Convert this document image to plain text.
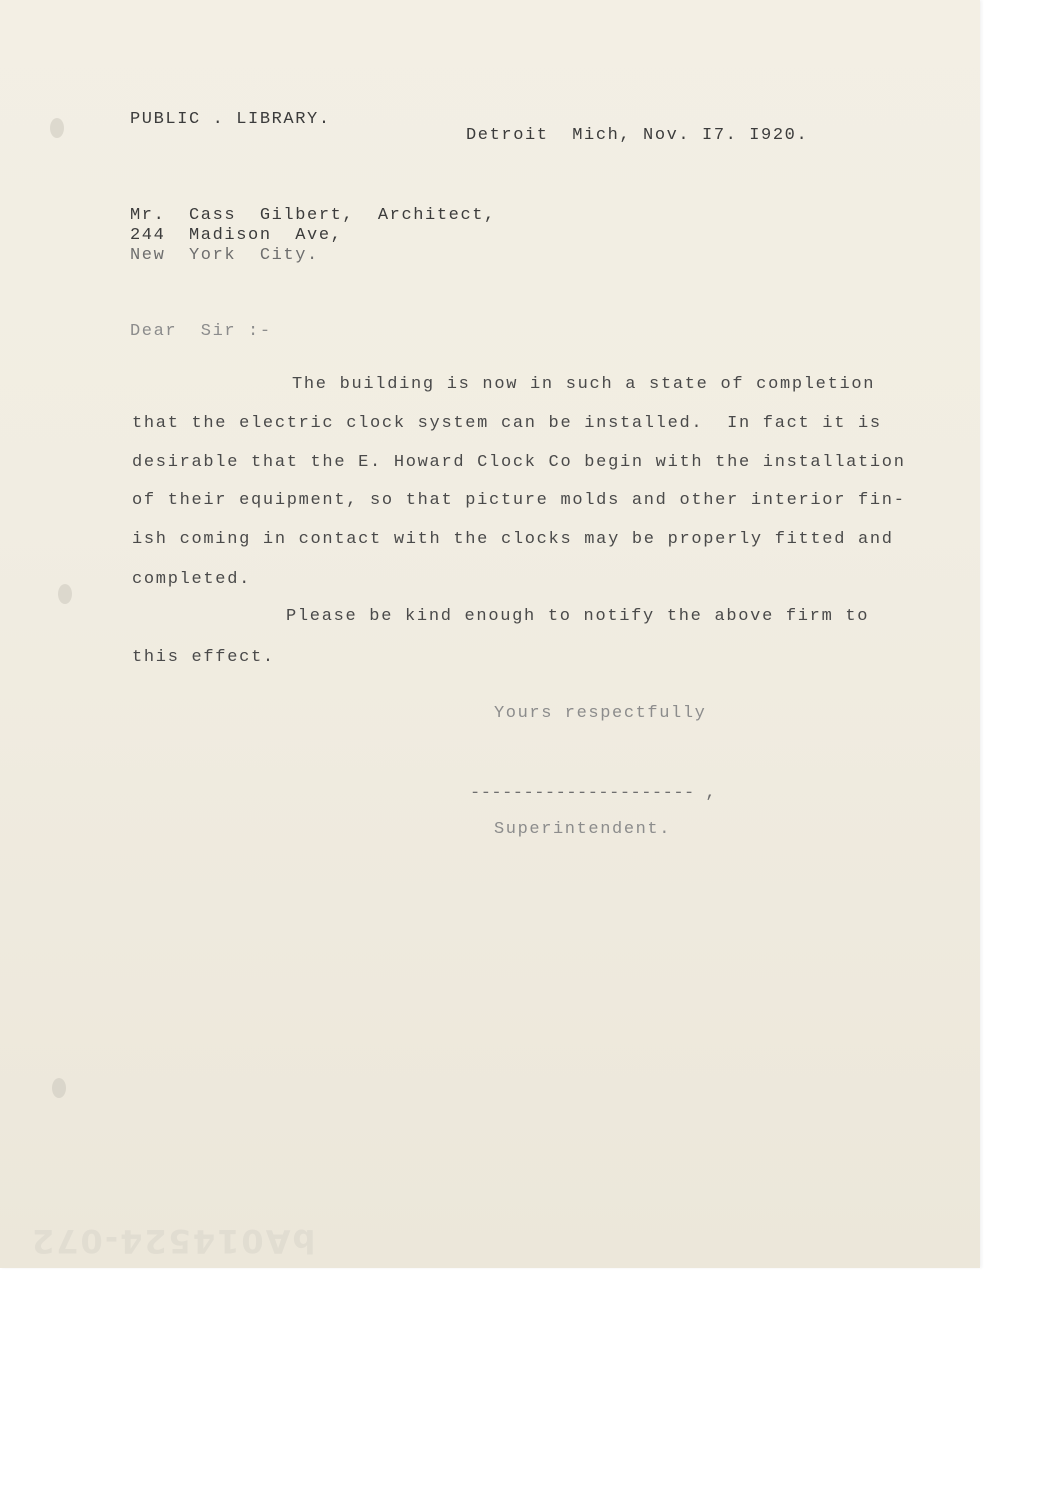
PUBLIC . LIBRARY.
Detroit  Mich, Nov. I7. I920.
Mr.  Cass  Gilbert,  Architect,
244  Madison  Ave,
New  York  City.
Dear  Sir :-
The building is now in such a state of completion
that the electric clock system can be installed.  In fact it is
desirable that the E. Howard Clock Co begin with the installation
of their equipment, so that picture molds and other interior fin-
ish coming in contact with the clocks may be properly fitted and
completed.
Please be kind enough to notify the above firm to
this effect.
Yours respectfully
--------------------- ,
Superintendent.
bA014524-072
